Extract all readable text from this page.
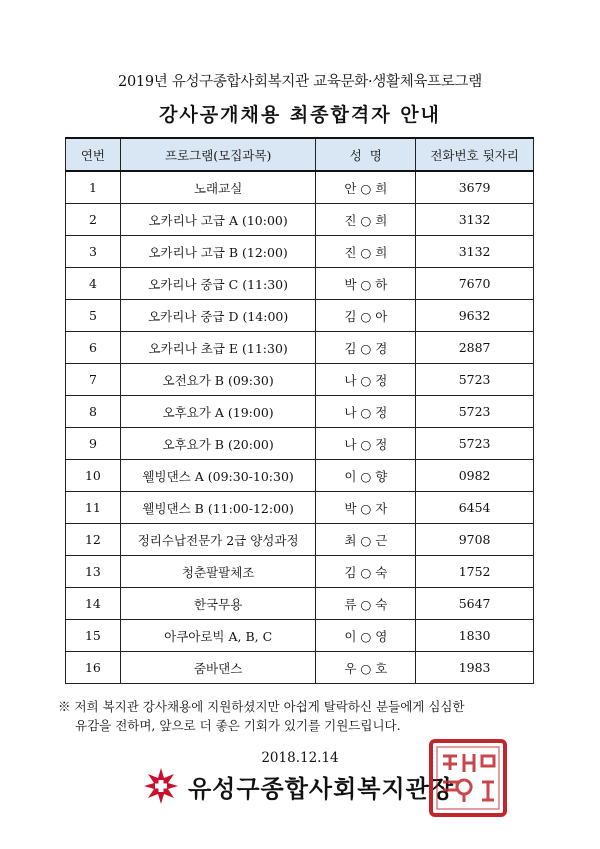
2019년 유성구종합사회복지관 교육문화·생활체육프로그램
강사공개채용 최종합격자 안내
연번	프로그램(모집과목)	성  명	전화번호 뒷자리
1	노래교실	안 ○ 희	3679
2	오카리나 고급 A (10:00)	진 ○ 희	3132
3	오카리나 고급 B (12:00)	진 ○ 희	3132
4	오카리나 중급 C (11:30)	박 ○ 하	7670
5	오카리나 중급 D (14:00)	김 ○ 아	9632
6	오카리나 초급 E (11:30)	김 ○ 경	2887
7	오전요가 B (09:30)	나 ○ 정	5723
8	오후요가 A (19:00)	나 ○ 정	5723
9	오후요가 B (20:00)	나 ○ 정	5723
10	웰빙댄스 A (09:30-10:30)	이 ○ 향	0982
11	웰빙댄스 B (11:00-12:00)	박 ○ 자	6454
12	정리수납전문가 2급 양성과정	최 ○ 근	9708
13	청춘팔팔체조	김 ○ 숙	1752
14	한국무용	류 ○ 숙	5647
15	아쿠아로빅 A, B, C	이 ○ 영	1830
16	줌바댄스	우 ○ 호	1983
※ 저희 복지관 강사채용에 지원하셨지만 아쉽게 탈락하신 분들에게 심심한
유감을 전하며, 앞으로 더 좋은 기회가 있기를 기원드립니다.
2018.12.14
유성구종합사회복지관장
